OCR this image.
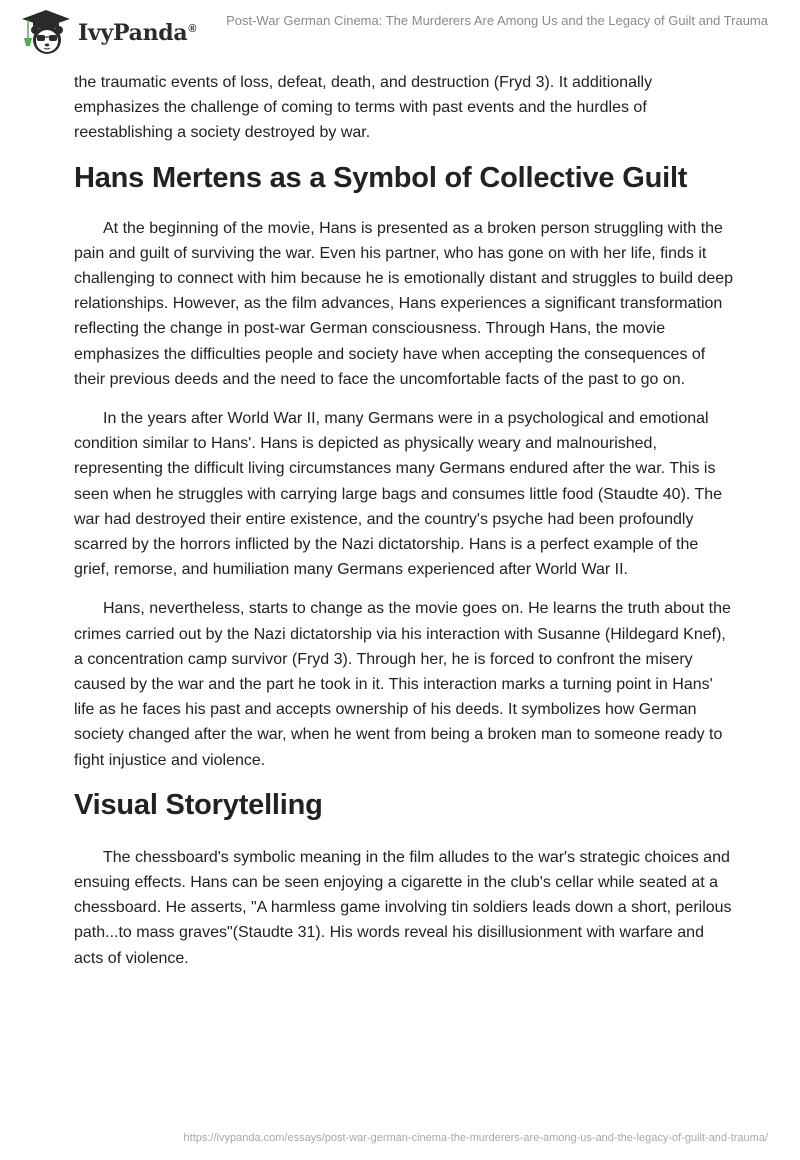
IvyPanda®
Post-War German Cinema: The Murderers Are Among Us and the Legacy of Guilt and Trauma

the traumatic events of loss, defeat, death, and destruction (Fryd 3). It additionally emphasizes the challenge of coming to terms with past events and the hurdles of reestablishing a society destroyed by war.

Hans Mertens as a Symbol of Collective Guilt

At the beginning of the movie, Hans is presented as a broken person struggling with the pain and guilt of surviving the war. Even his partner, who has gone on with her life, finds it challenging to connect with him because he is emotionally distant and struggles to build deep relationships. However, as the film advances, Hans experiences a significant transformation reflecting the change in post-war German consciousness. Through Hans, the movie emphasizes the difficulties people and society have when accepting the consequences of their previous deeds and the need to face the uncomfortable facts of the past to go on.

In the years after World War II, many Germans were in a psychological and emotional condition similar to Hans'. Hans is depicted as physically weary and malnourished, representing the difficult living circumstances many Germans endured after the war. This is seen when he struggles with carrying large bags and consumes little food (Staudte 40). The war had destroyed their entire existence, and the country's psyche had been profoundly scarred by the horrors inflicted by the Nazi dictatorship. Hans is a perfect example of the grief, remorse, and humiliation many Germans experienced after World War II.

Hans, nevertheless, starts to change as the movie goes on. He learns the truth about the crimes carried out by the Nazi dictatorship via his interaction with Susanne (Hildegard Knef), a concentration camp survivor (Fryd 3). Through her, he is forced to confront the misery caused by the war and the part he took in it. This interaction marks a turning point in Hans' life as he faces his past and accepts ownership of his deeds. It symbolizes how German society changed after the war, when he went from being a broken man to someone ready to fight injustice and violence.

Visual Storytelling

The chessboard's symbolic meaning in the film alludes to the war's strategic choices and ensuing effects. Hans can be seen enjoying a cigarette in the club's cellar while seated at a chessboard. He asserts, "A harmless game involving tin soldiers leads down a short, perilous path...to mass graves"(Staudte 31). His words reveal his disillusionment with warfare and acts of violence.

https://ivypanda.com/essays/post-war-german-cinema-the-murderers-are-among-us-and-the-legacy-of-guilt-and-trauma/
